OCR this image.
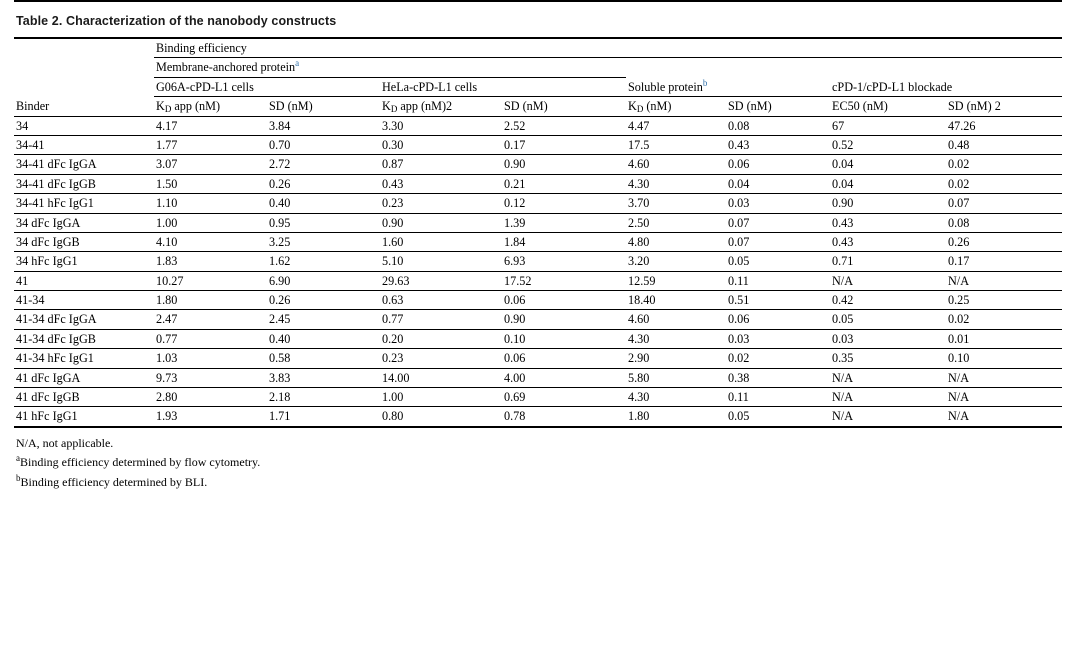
Table 2. Characterization of the nanobody constructs
	Binding efficiency							
	Membrane-anchored protein$^a$		
	G06A-cPD-L1 cells		HeLa-cPD-L1 cells		Soluble protein$^b$		cPD-1/cPD-L1 blockade	
Binder	$K_D$ app (nM)	SD (nM)	$K_D$ app (nM)2	SD (nM)	$K_D$ (nM)	SD (nM)	EC50 (nM)	SD (nM) 2
34	4.17	3.84	3.30	2.52	4.47	0.08	67	47.26
34-41	1.77	0.70	0.30	0.17	17.5	0.43	0.52	0.48
34-41 dFc IgGA	3.07	2.72	0.87	0.90	4.60	0.06	0.04	0.02
34-41 dFc IgGB	1.50	0.26	0.43	0.21	4.30	0.04	0.04	0.02
34-41 hFc IgG1	1.10	0.40	0.23	0.12	3.70	0.03	0.90	0.07
34 dFc IgGA	1.00	0.95	0.90	1.39	2.50	0.07	0.43	0.08
34 dFc IgGB	4.10	3.25	1.60	1.84	4.80	0.07	0.43	0.26
34 hFc IgG1	1.83	1.62	5.10	6.93	3.20	0.05	0.71	0.17
41	10.27	6.90	29.63	17.52	12.59	0.11	N/A	N/A
41-34	1.80	0.26	0.63	0.06	18.40	0.51	0.42	0.25
41-34 dFc IgGA	2.47	2.45	0.77	0.90	4.60	0.06	0.05	0.02
41-34 dFc IgGB	0.77	0.40	0.20	0.10	4.30	0.03	0.03	0.01
41-34 hFc IgG1	1.03	0.58	0.23	0.06	2.90	0.02	0.35	0.10
41 dFc IgGA	9.73	3.83	14.00	4.00	5.80	0.38	N/A	N/A
41 dFc IgGB	2.80	2.18	1.00	0.69	4.30	0.11	N/A	N/A
41 hFc IgG1	1.93	1.71	0.80	0.78	1.80	0.05	N/A	N/A
N/A, not applicable.
$^a$Binding efficiency determined by flow cytometry.
$^b$Binding efficiency determined by BLI.
